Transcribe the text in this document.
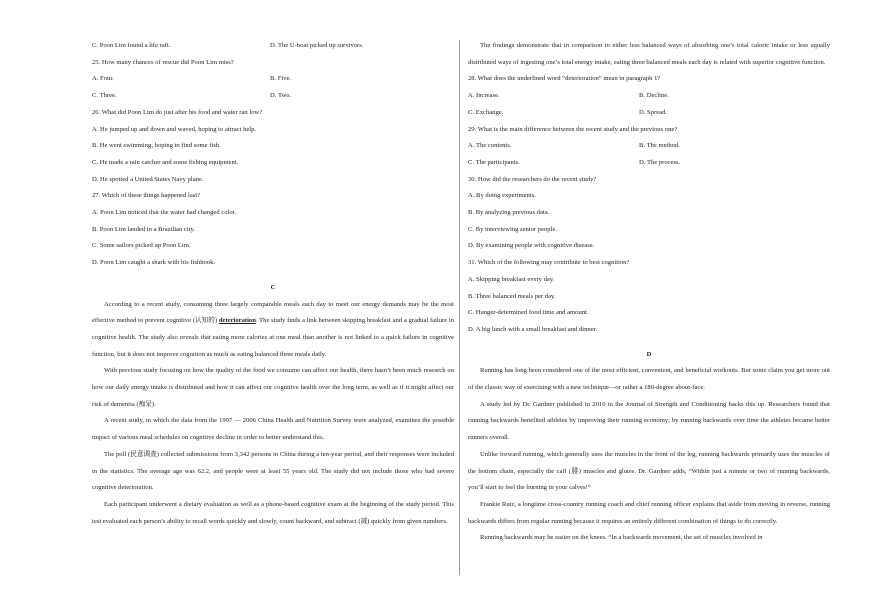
C. Poon Lim found a life raft.	D. The U-boat picked up survivors.

25. How many chances of rescue did Poon Lim miss?

A. Four.	B. Five.
C. Three.	D. Two.

26. What did Poon Lim do just after his food and water ran low?

A. He jumped up and down and waved, hoping to attract help.

B. He went swimming, hoping to find some fish.

C. He made a rain catcher and some fishing equipment.

D. He spotted a United States Navy plane.

27. Which of these things happened last?

A. Poon Lim noticed that the water had changed color.

B. Poon Lim landed in a Brazilian city.

C. Some sailors picked up Poon Lim.

D. Poon Lim caught a shark with his fishhook.

C

According to a recent study, consuming three largely comparable meals each day to meet our energy demands may be the most effective method to prevent cognitive (认知的) deterioration. The study finds a link between skipping breakfast and a gradual failure in cognitive health. The study also reveals that eating more calories at one meal than another is not linked to a quick failure in cognitive function, but it does not improve cognition as much as eating balanced three meals daily.

With previous study focusing on how the quality of the food we consume can affect our health, there hasn’t been much research on how our daily energy intake is distributed and how it can affect our cognitive health over the long term, as well as if it might affect our risk of dementia (痴呆).

A recent study, in which the data from the 1997 — 2006 China Health and Nutrition Survey were analyzed, examines the possible impact of various meal schedules on cognitive decline in order to better understand this.

The poll (民意调查) collected submissions from 3,342 persons in China during a ten-year period, and their responses were included in the statistics. The average age was 62.2, and people were at least 55 years old. The study did not include those who had severe cognitive deterioration.

Each participant underwent a dietary evaluation as well as a phone-based cognitive exam at the beginning of the study period. This test evaluated each person’s ability to recall words quickly and slowly, count backward, and subtract (减) quickly from given numbers.

The findings demonstrate that in comparison to either less balanced ways of absorbing one’s total caloric intake or less equally distributed ways of ingesting one’s total energy intake, eating three balanced meals each day is related with superior cognitive function.

28. What does the underlined word “deterioration” mean in paragraph 1?

A. Increase.	B. Decline.
C. Exchange.	D. Spread.

29. What is the main difference between the recent study and the previous one?

A. The contents.	B. The method.
C. The participants.	D. The process.

30. How did the researchers do the recent study?

A. By doing experiments.

B. By analyzing previous data.

C. By interviewing senior people.

D. By examining people with cognitive disease.

31. Which of the following may contribute to best cognition?

A. Skipping breakfast every day.

B. Three balanced meals per day.

C. Hunger-determined food time and amount.

D. A big lunch with a small breakfast and dinner.

D

Running has long been considered one of the most efficient, convenient, and beneficial workouts. But some claim you get more out of the classic way of exercising with a new technique—or rather a 180-degree about-face.

A study led by Dr. Gardner published in 2016 in the Journal of Strength and Conditioning backs this up. Researchers found that running backwards benefited athletes by improving their running economy; by running backwards over time the athletes became better runners overall.

Unlike forward running, which generally uses the muscles in the front of the leg, running backwards primarily uses the muscles of the bottom chain, especially the calf (腓) muscles and glutes. Dr. Gardner adds, “Within just a minute or two of running backwards, you’ll start to feel the burning in your calves!”

Frankie Ruiz, a longtime cross-country running coach and chief running officer explains that aside from moving in reverse, running backwards differs from regular running because it requires an entirely different combination of things to do correctly.

Running backwards may be easier on the knees. “In a backwards movement, the set of muscles involved in
